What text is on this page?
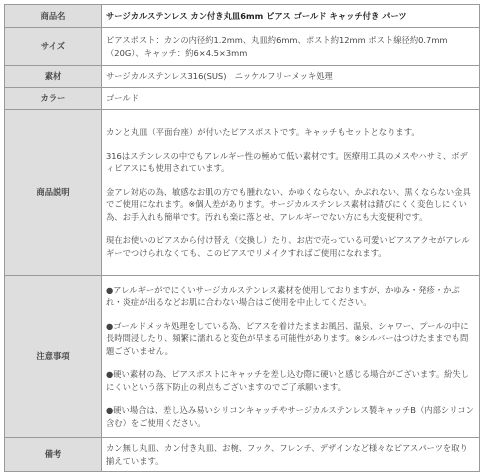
商品名	サージカルステンレス カン付き丸皿6mm ピアス ゴールド キャッチ付き パーツ
サイズ	ピアスポスト：カンの内径約1.2mm、丸皿約6mm、ポスト約12mm ポスト線径約0.7mm
（20G）、キャッチ：約6×4.5×3mm

素材	サージカルステンレス316(SUS)　ニッケルフリーメッキ処理
カラー	ゴールド
商品説明	カンと丸皿（平面台座）が付いたピアスポストです。キャッチもセットとなります。

316はステンレスの中でもアレルギー性の極めて低い素材です。医療用工具のメスやハサミ、ボディピアスにも使用されています。

金アレ対応の為、敏感なお肌の方でも腫れない、かゆくならない、かぶれない、黒くならない金具でご使用になれます。※個人差があります。サージカルステンレス素材は錆びにくく変色しにくい為、お手入れも簡単です。汚れも楽に落とせ、アレルギーでない方にも大変便利です。

現在お使いのピアスから付け替え（交換し）たり、お店で売っている可愛いピアスアクセがアレルギーでつけられなくても、このピアスでリメイクすればご使用になれます。

注意事項	●アレルギーがでにくいサージカルステンレス素材を使用しておりますが、かゆみ・発疹・かぶれ・炎症が出るなどお肌に合わない場合はご使用を中止してください。

●ゴールドメッキ処理をしている為、ピアスを着けたままお風呂、温泉、シャワー、プールの中に長時間浸したり、頻繁に濡れると変色が早まる可能性があります。※シルバーはつけたままでも問題ございません。

●硬い素材の為、ピアスポストにキャッチを差し込む際に硬いと感じる場合がございます。紛失しにくいという落下防止の利点もございますのでご了承願います。

●硬い場合は、差し込み易いシリコンキャッチやサージカルステンレス製キャッチB（内部シリコン含む）をご使用ください。

備考	カン無し丸皿、カン付き丸皿、お椀、フック、フレンチ、デザインなど様々なピアスパーツを取り揃えています。
